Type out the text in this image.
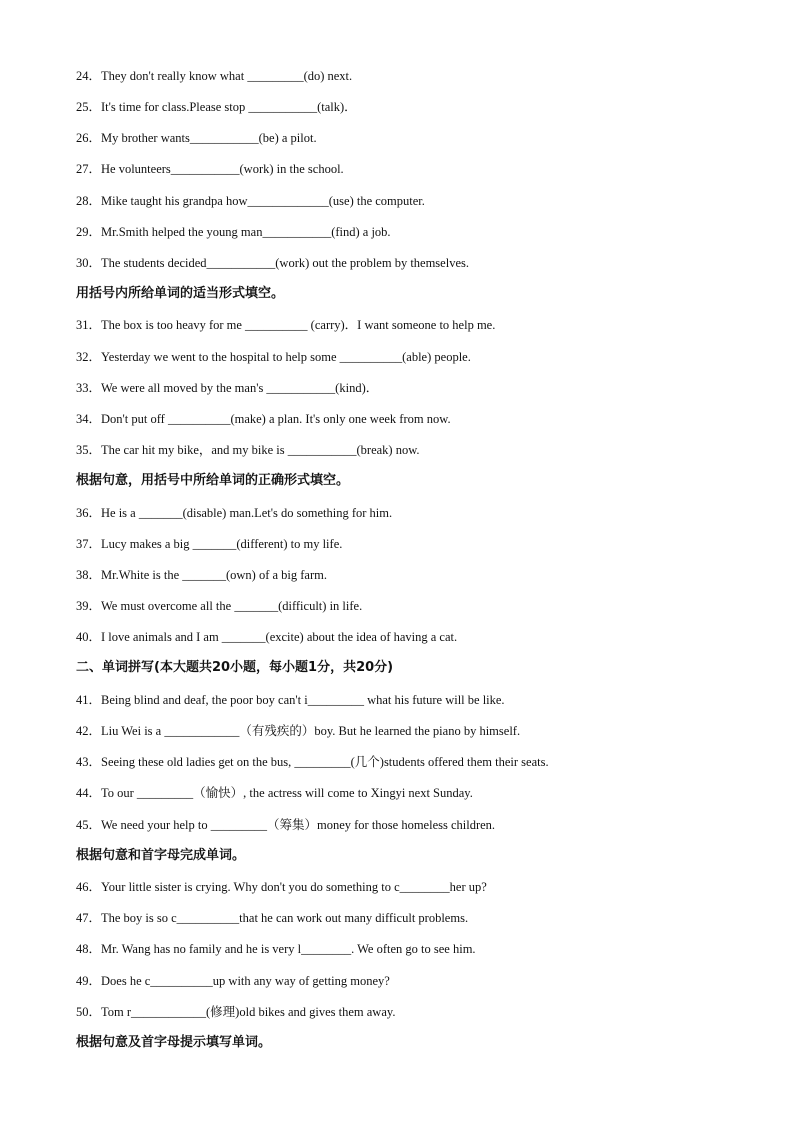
24．They don't really know what _________(do) next.
25．It's time for class.Please stop ___________(talk)．
26．My brother wants___________(be) a pilot.
27．He volunteers___________(work) in the school.
28．Mike taught his grandpa how_____________(use) the computer.
29．Mr.Smith helped the young man___________(find) a job.
30．The students decided___________(work) out the problem by themselves.
用括号内所给单词的适当形式填空。
31．The box is too heavy for me __________ (carry)．I want someone to help me.
32．Yesterday we went to the hospital to help some __________(able) people.
33．We were all moved by the man's ___________(kind)．
34．Don't put off __________(make) a plan. It's only one week from now.
35．The car hit my bike，and my bike is ___________(break) now.
根据句意，用括号中所给单词的正确形式填空。
36．He is a _______(disable) man.Let's do something for him.
37．Lucy makes a big _______(different) to my life.
38．Mr.White is the _______(own) of a big farm.
39．We must overcome all the _______(difficult) in life.
40．I love animals and I am _______(excite) about the idea of having a cat.
二、单词拼写(本大题共20小题，每小题1分，共20分)
41．Being blind and deaf, the poor boy can't i_________ what his future will be like.
42．Liu Wei is a ____________（有残疾的）boy. But he learned the piano by himself.
43．Seeing these old ladies get on the bus, _________(几个)students offered them their seats.
44．To our _________（愉快）, the actress will come to Xingyi next Sunday.
45．We need your help to _________（筹集）money for those homeless children.
根据句意和首字母完成单词。
46．Your little sister is crying. Why don't you do something to c________her up?
47．The boy is so c__________that he can work out many difficult problems.
48．Mr. Wang has no family and he is very l________. We often go to see him.
49．Does he c__________up with any way of getting money?
50．Tom r____________(修理)old bikes and gives them away.
根据句意及首字母提示填写单词。
